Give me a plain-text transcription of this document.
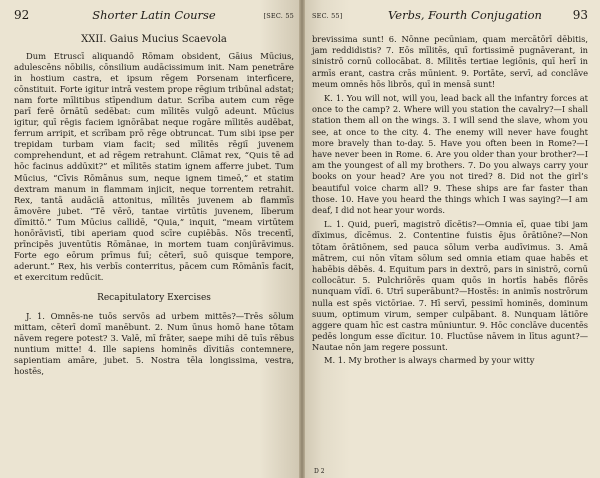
92	Shorter Latin Course	[SEC. 55
XXII. Gaius Mucius Scaevola

Dum Etruscī aliquandō Rōmam obsident, Gāius Mūcius, adulescēns nōbilis, cōnsilium audācissimum init. Nam penetrāre in hostium castra, et ipsum rēgem Porsenam interficere, cōnstituit. Forte igitur intrā vestem prope rēgium tribūnal adstat; nam forte mīlitibus stīpendium datur. Scrība autem cum rēge parī ferē ōrnātū sedēbat: cum mīlitēs vulgō adeunt. Mūcius igitur, quī rēgis faciem ignōrābat neque rogāre mīlitēs audēbat, ferrum arripit, et scrībam prō rēge obtruncat. Tum sibi ipse per trepidam turbam viam facit; sed mīlitēs rēgiī juvenem comprehendunt, et ad rēgem retrahunt. Clāmat rex, “Quis tē ad hōc facinus addūxit?” et mīlitēs statim ignem afferre jubet. Tum Mūcius, “Cīvis Rōmānus sum, neque ignem timeō,” et statim dextram manum in flammam injicit, neque torrentem retrahit. Rex, tantā audāciā attonitus, mīlitēs juvenem ab flammīs āmovēre jubet. “Tē vērō, tantae virtūtis juvenem, līberum dīmittō.” Tum Mūcius callidē, “Quia,” inquit, “meam virtūtem honōrāvistī, tibi aperiam quod scīre cupiēbās. Nōs trecentī, prīncipēs juventūtis Rōmānae, in mortem tuam conjūrāvimus. Forte ego eōrum prīmus fuī; cēterī, suō quisque tempore, aderunt.” Rex, his verbīs conterritus, pācem cum Rōmānīs facit, et exercitum redūcit.

Recapitulatory Exercises

J. 1. Omnēs-ne tuōs servōs ad urbem mittēs?—Trēs sōlum mittam, cēterī domī manēbunt. 2. Num ūnus homō hane tōtam nāvem regere potest? 3. Valē, mī frāter, saepe mihi dē tuīs rēbus nuntium mitte! 4. Ille sapiens hominēs dīvitiās contemnere, sapientiam amāre, jubet. 5. Nostra tēla longissima, vestra, hostēs,

SEC. 55]	Verbs, Fourth Conjugation	93

brevissima sunt! 6. Nōnne pecūniam, quam mercātōrī dēbitis, jam reddidistis? 7. Eōs mīlitēs, quī fortissimē pugnāverant, in sinistrō cornū collocābat. 8. Mīlitēs tertiae legiōnis, quī herī in armīs erant, castra crās mūnient. 9. Portāte, servī, ad conclāve meum omnēs hōs librōs, quī in mensā sunt!

K. 1. You will not, will you, lead back all the infantry forces at once to the camp? 2. Where will you station the cavalry?—I shall station them all on the wings. 3. I will send the slave, whom you see, at once to the city. 4. The enemy will never have fought more bravely than to-day. 5. Have you often been in Rome?—I have never been in Rome. 6. Are you older than your brother?—I am the youngest of all my brothers. 7. Do you always carry your books on your head? Are you not tired? 8. Did not the girl’s beautiful voice charm all? 9. These ships are far faster than those. 10. Have you heard the things which I was saying?—I am deaf, I did not hear your words.

L. 1. Quid, puerī, magistrō dīcētis?—Omnia eī, quae tibi jam dīximus, dīcēmus. 2. Contentine fuistis ējus ōrātiōne?—Non tōtam ōrātiōnem, sed pauca sōlum verba audīvimus. 3. Amā mātrem, cui nōn vītam sōlum sed omnia etiam quae habēs et habēbis dēbēs. 4. Equitum pars in dextrō, pars in sinistrō, cornū collocātur. 5. Pulchriōrēs quam quōs in hortīs habēs flōrēs nunquam vīdī. 6. Utrī superābunt?—Hostēs: in animīs nostrōrum nulla est spēs victōriae. 7. Hī servī, pessimī hominēs, dominum suum, optimum virum, semper culpābant. 8. Nunquam lātiōre aggere quam hīc est castra mūniuntur. 9. Hōc conclāve ducentēs pedēs longum esse dīcitur. 10. Fluctūse nāvem in lītus agunt?—Nautae nōn jam regere possunt.

M. 1. My brother is always charmed by your witty

D 2
